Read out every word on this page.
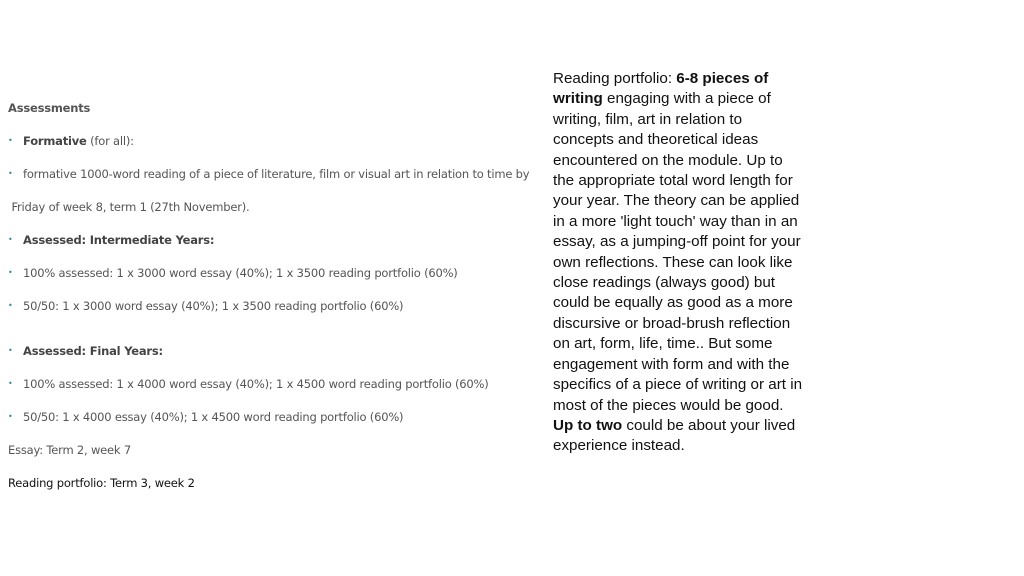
Assessments
• Formative (for all):
• formative 1000-word reading of a piece of literature, film or visual art in relation to time by
Friday of week 8, term 1 (27th November).
• Assessed: Intermediate Years:
• 100% assessed: 1 x 3000 word essay (40%); 1 x 3500 reading portfolio (60%)
• 50/50: 1 x 3000 word essay (40%); 1 x 3500 reading portfolio (60%)
• Assessed: Final Years:
• 100% assessed: 1 x 4000 word essay (40%); 1 x 4500 word reading portfolio (60%)
• 50/50: 1 x 4000 essay (40%); 1 x 4500 word reading portfolio (60%)
Essay: Term 2, week 7
Reading portfolio: Term 3, week 2
Reading portfolio: 6-8 pieces of writing engaging with a piece of writing, film, art in relation to concepts and theoretical ideas encountered on the module. Up to the appropriate total word length for your year. The theory can be applied in a more 'light touch' way than in an essay, as a jumping-off point for your own reflections. These can look like close readings (always good) but could be equally as good as a more discursive or broad-brush reflection on art, form, life, time.. But some engagement with form and with the specifics of a piece of writing or art in most of the pieces would be good. Up to two could be about your lived experience instead.
